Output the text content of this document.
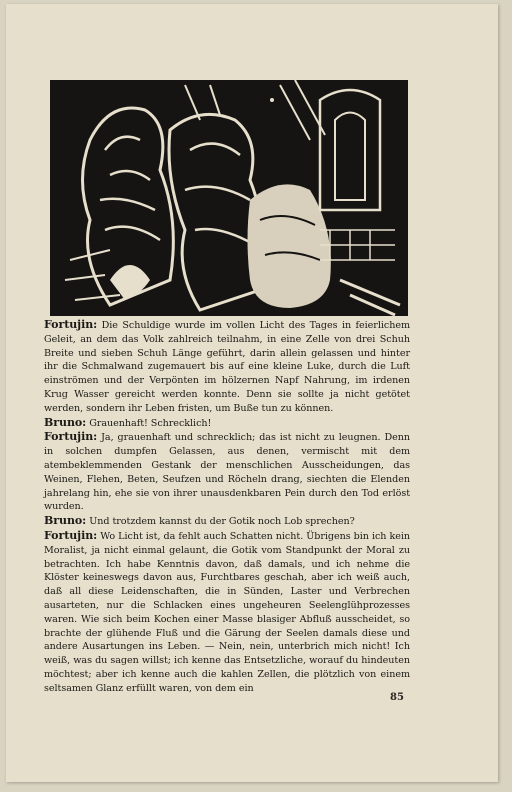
Fortujin: Die Schuldige wurde im vollen Licht des Tages in feierlichem Geleit, an dem das Volk zahlreich teilnahm, in eine Zelle von drei Schuh Breite und sieben Schuh Länge geführt, darin allein gelassen und hinter ihr die Schmalwand zugemauert bis auf eine kleine Luke, durch die Luft einströmen und der Verpönten im hölzernen Napf Nahrung, im irdenen Krug Wasser gereicht werden konnte. Denn sie sollte ja nicht getötet werden, sondern ihr Leben fristen, um Buße tun zu können.

Bruno: Grauenhaft! Schrecklich!

Fortujin: Ja, grauenhaft und schrecklich; das ist nicht zu leugnen. Denn in solchen dumpfen Gelassen, aus denen, vermischt mit dem atembeklemmenden Gestank der menschlichen Ausscheidungen, das Weinen, Flehen, Beten, Seufzen und Röcheln drang, siechten die Elenden jahrelang hin, ehe sie von ihrer unausdenkbaren Pein durch den Tod erlöst wurden.

Bruno: Und trotzdem kannst du der Gotik noch Lob sprechen?

Fortujin: Wo Licht ist, da fehlt auch Schatten nicht. Übrigens bin ich kein Moralist, ja nicht einmal gelaunt, die Gotik vom Standpunkt der Moral zu betrachten. Ich habe Kenntnis davon, daß damals, und ich nehme die Klöster keineswegs davon aus, Furchtbares geschah, aber ich weiß auch, daß all diese Leidenschaften, die in Sünden, Laster und Verbrechen ausarteten, nur die Schlacken eines ungeheuren Seelenglühprozesses waren. Wie sich beim Kochen einer Masse blasiger Abfluß ausscheidet, so brachte der glühende Fluß und die Gärung der Seelen damals diese und andere Ausartungen ins Leben. — Nein, nein, unterbrich mich nicht! Ich weiß, was du sagen willst; ich kenne das Entsetzliche, worauf du hindeuten möchtest; aber ich kenne auch die kahlen Zellen, die plötzlich von einem seltsamen Glanz erfüllt waren, von dem ein

85
